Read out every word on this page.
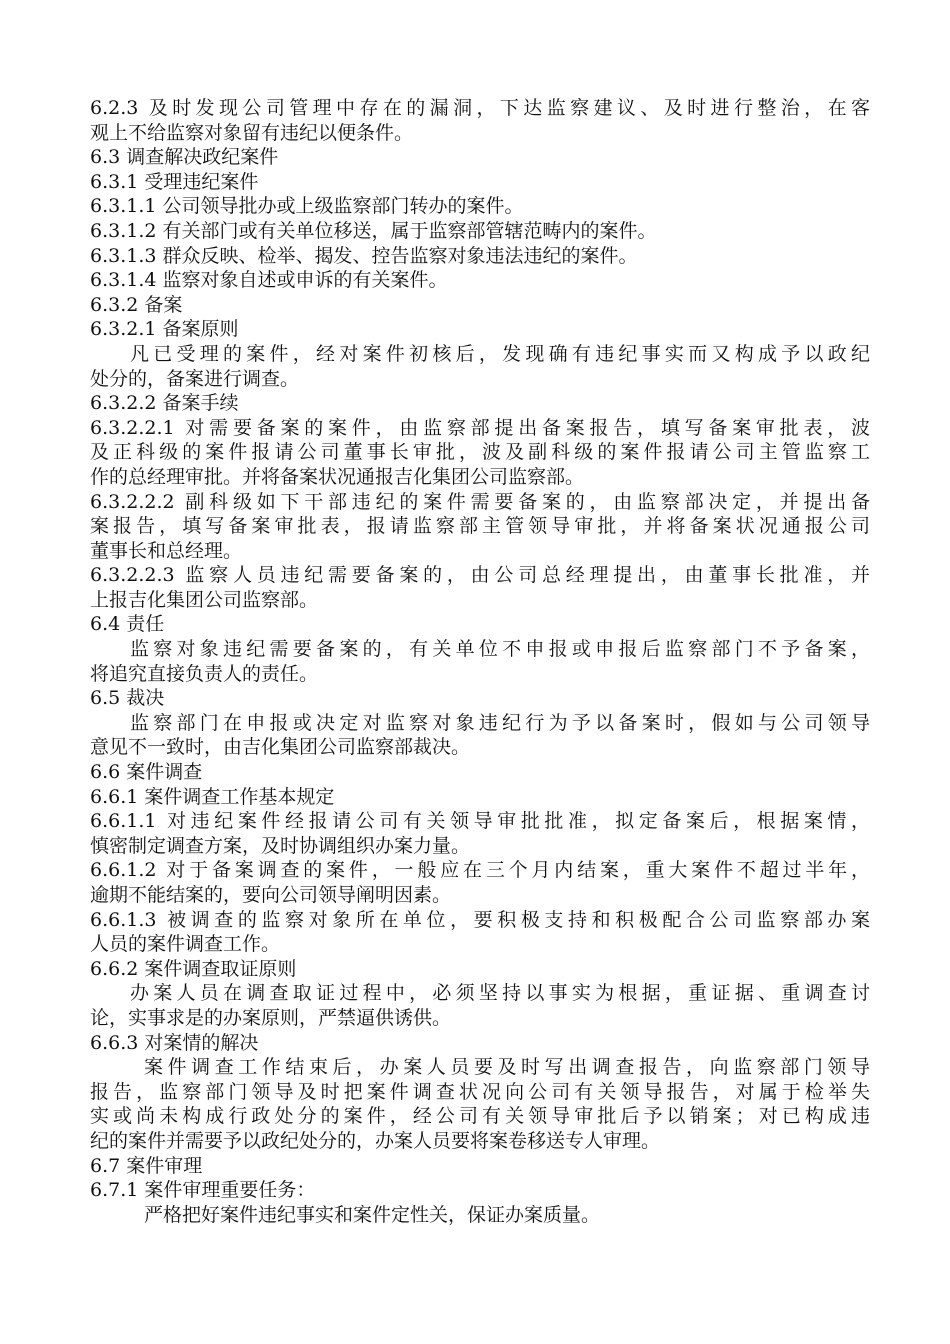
6.2.3 及时发现公司管理中存在的漏洞，下达监察建议、及时进行整治，在客
观上不给监察对象留有违纪以便条件。
6.3 调查解决政纪案件
6.3.1 受理违纪案件
6.3.1.1 公司领导批办或上级监察部门转办的案件。
6.3.1.2 有关部门或有关单位移送，属于监察部管辖范畴内的案件。
6.3.1.3 群众反映、检举、揭发、控告监察对象违法违纪的案件。
6.3.1.4 监察对象自述或申诉的有关案件。
6.3.2 备案
6.3.2.1 备案原则
凡已受理的案件，经对案件初核后，发现确有违纪事实而又构成予以政纪
处分的，备案进行调查。
6.3.2.2 备案手续
6.3.2.2.1 对需要备案的案件，由监察部提出备案报告，填写备案审批表，波
及正科级的案件报请公司董事长审批，波及副科级的案件报请公司主管监察工
作的总经理审批。并将备案状况通报吉化集团公司监察部。
6.3.2.2.2 副科级如下干部违纪的案件需要备案的，由监察部决定，并提出备
案报告，填写备案审批表，报请监察部主管领导审批，并将备案状况通报公司
董事长和总经理。
6.3.2.2.3 监察人员违纪需要备案的，由公司总经理提出，由董事长批准，并
上报吉化集团公司监察部。
6.4 责任
监察对象违纪需要备案的，有关单位不申报或申报后监察部门不予备案，
将追究直接负责人的责任。
6.5 裁决
监察部门在申报或决定对监察对象违纪行为予以备案时，假如与公司领导
意见不一致时，由吉化集团公司监察部裁决。
6.6 案件调查
6.6.1 案件调查工作基本规定
6.6.1.1 对违纪案件经报请公司有关领导审批批准，拟定备案后，根据案情，
慎密制定调查方案，及时协调组织办案力量。
6.6.1.2 对于备案调查的案件，一般应在三个月内结案，重大案件不超过半年，
逾期不能结案的，要向公司领导阐明因素。
6.6.1.3 被调查的监察对象所在单位，要积极支持和积极配合公司监察部办案
人员的案件调查工作。
6.6.2 案件调查取证原则
办案人员在调查取证过程中，必须坚持以事实为根据，重证据、重调查讨
论，实事求是的办案原则，严禁逼供诱供。
6.6.3 对案情的解决
案件调查工作结束后，办案人员要及时写出调查报告，向监察部门领导
报告，监察部门领导及时把案件调查状况向公司有关领导报告，对属于检举失
实或尚未构成行政处分的案件，经公司有关领导审批后予以销案；对已构成违
纪的案件并需要予以政纪处分的，办案人员要将案卷移送专人审理。
6.7 案件审理
6.7.1 案件审理重要任务：
严格把好案件违纪事实和案件定性关，保证办案质量。
